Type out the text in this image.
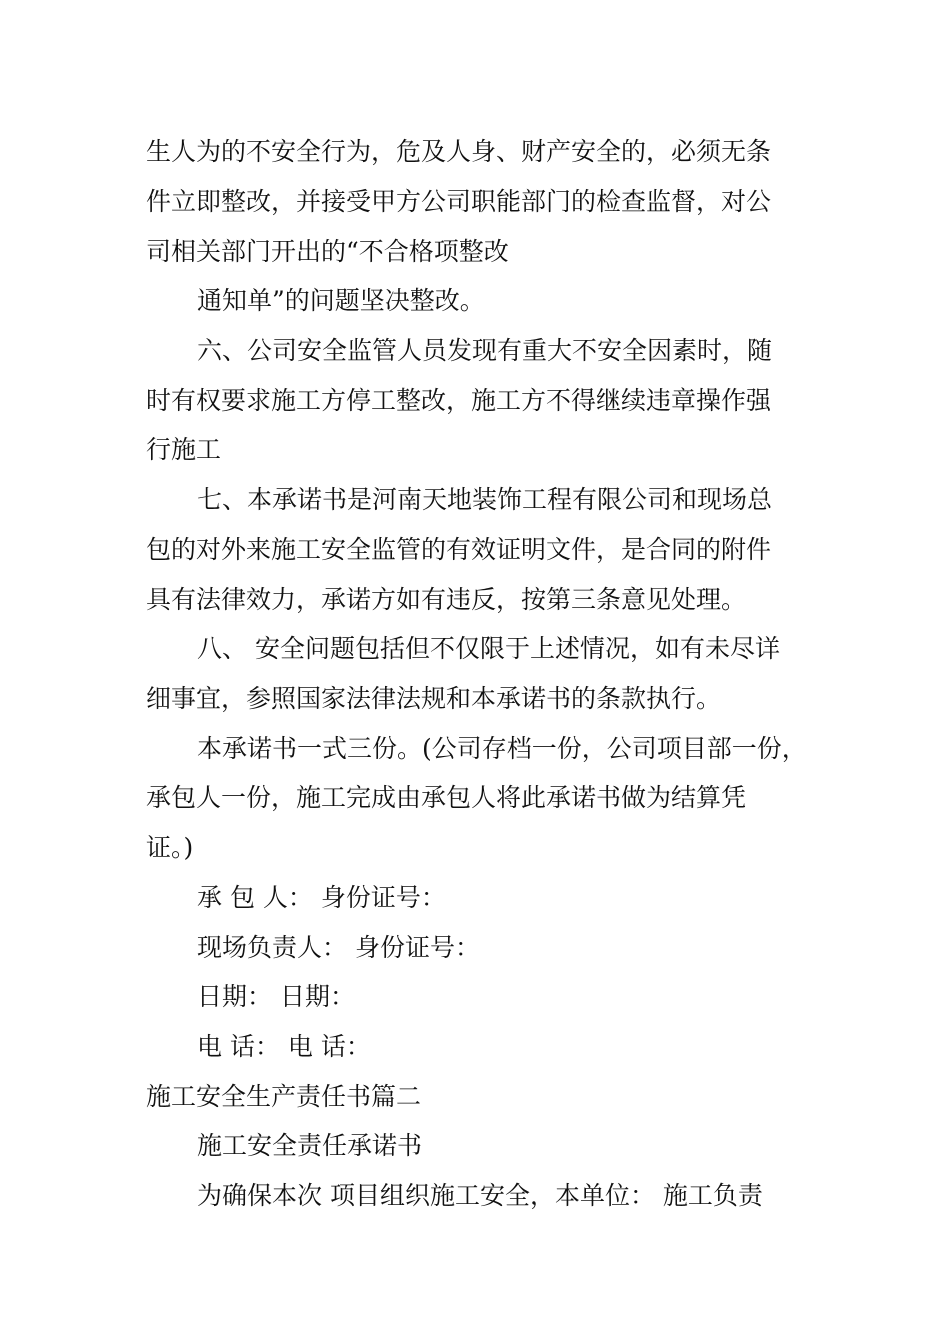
生人为的不安全行为，危及人身、财产安全的，必须无条

件立即整改，并接受甲方公司职能部门的检查监督，对公

司相关部门开出的“不合格项整改

通知单”的问题坚决整改。

六、公司安全监管人员发现有重大不安全因素时，随

时有权要求施工方停工整改，施工方不得继续违章操作强

行施工

七、本承诺书是河南天地装饰工程有限公司和现场总

包的对外来施工安全监管的有效证明文件，是合同的附件

具有法律效力，承诺方如有违反，按第三条意见处理。

八、 安全问题包括但不仅限于上述情况，如有未尽详

细事宜，参照国家法律法规和本承诺书的条款执行。

本承诺书一式三份。(公司存档一份，公司项目部一份，

承包人一份，施工完成由承包人将此承诺书做为结算凭

证。)

承 包 人： 身份证号：

现场负责人： 身份证号：

日期： 日期：

电 话： 电 话：

施工安全生产责任书篇二

施工安全责任承诺书

为确保本次 项目组织施工安全，本单位： 施工负责
